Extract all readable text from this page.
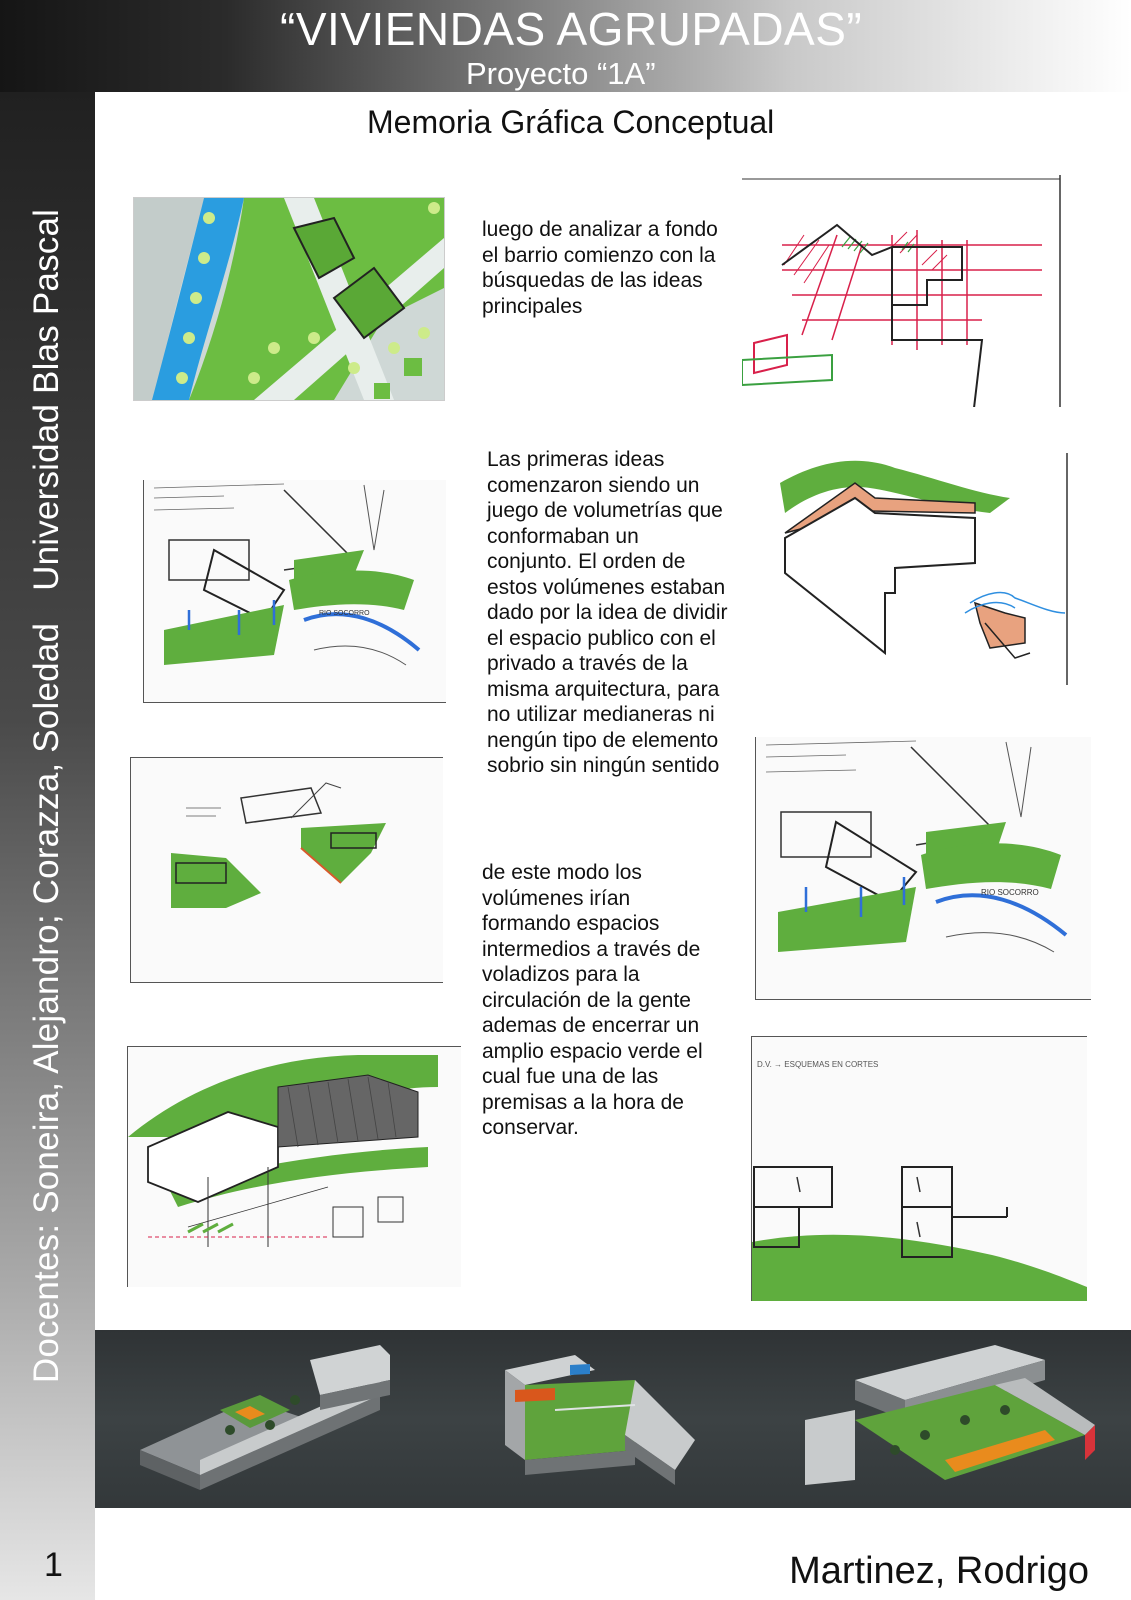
Docentes: Soneira, Alejandro; Corazza, SoledadUniversidad Blas Pascal
1
“VIVIENDAS AGRUPADAS”
Proyecto “1A”
Memoria Gráfica Conceptual
luego de analizar a fondo
el barrio comienzo con la
búsquedas de las ideas
principales
RIO SOCORRO
Las primeras ideas
comenzaron siendo un
juego de volumetrías que
conformaban un
conjunto. El orden de
estos volúmenes estaban
dado por la idea de dividir
el espacio publico con el
privado a través de la
misma arquitectura, para
no utilizar medianeras ni
nengún tipo de elemento
sobrio sin ningún sentido
de este modo los
volúmenes irían
formando espacios
intermedios a través de
voladizos para la
circulación de la gente
ademas de encerrar un
amplio espacio verde el
cual fue una de las
premisas a la hora de
conservar.
RIO SOCORRO
D.V. → ESQUEMAS EN CORTES
Martinez, Rodrigo
